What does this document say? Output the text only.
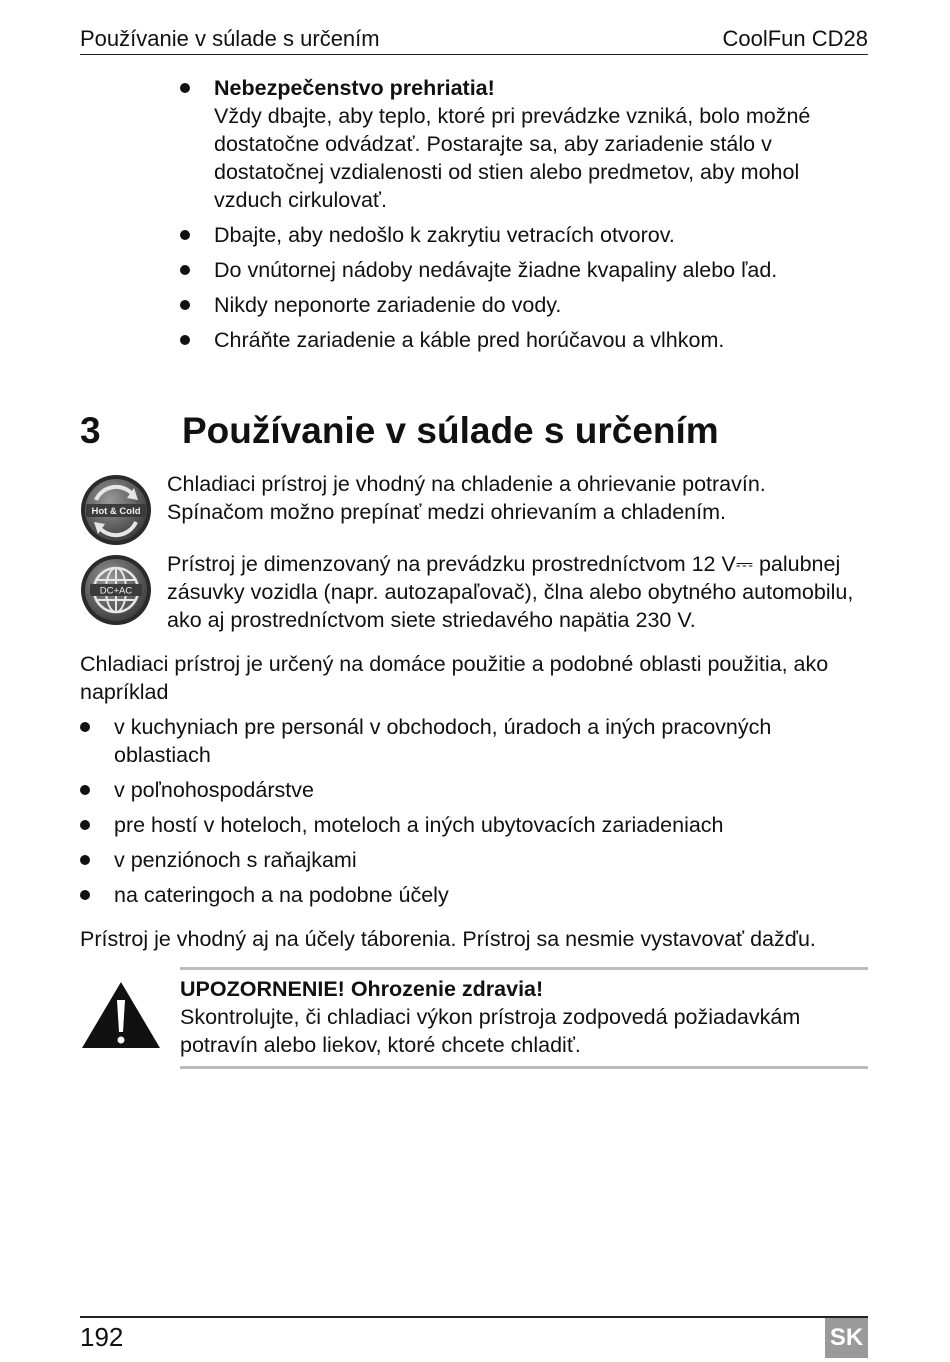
Používanie v súlade s určením	CoolFun CD28
Nebezpečenstvo prehriatia!
Vždy dbajte, aby teplo, ktoré pri prevádzke vzniká, bolo možné dostatočne odvádzať. Postarajte sa, aby zariadenie stálo v dostatočnej vzdialenosti od stien alebo predmetov, aby mohol vzduch cirkulovať.
Dbajte, aby nedošlo k zakrytiu vetracích otvorov.
Do vnútornej nádoby nedávajte žiadne kvapaliny alebo ľad.
Nikdy neponorte zariadenie do vody.
Chráňte zariadenie a káble pred horúčavou a vlhkom.
3 Používanie v súlade s určením
Hot & Cold

Chladiaci prístroj je vhodný na chladenie a ohrievanie potravín. Spínačom možno prepínať medzi ohrievaním a chladením.

DC+AC

Prístroj je dimenzovaný na prevádzku prostredníctvom 12 V⎓ palubnej zásuvky vozidla (napr. autozapaľovač), člna alebo obytného automobilu, ako aj prostredníctvom siete striedavého napätia 230 V.

Chladiaci prístroj je určený na domáce použitie a podobné oblasti použitia, ako napríklad

v kuchyniach pre personál v obchodoch, úradoch a iných pracovných oblastiach
v poľnohospodárstve
pre hostí v hoteloch, moteloch a iných ubytovacích zariadeniach
v penziónoch s raňajkami
na cateringoch a na podobne účely

Prístroj je vhodný aj na účely táborenia. Prístroj sa nesmie vystavovať dažďu.

UPOZORNENIE! Ohrozenie zdravia!
Skontrolujte, či chladiaci výkon prístroja zodpovedá požiadavkám potravín alebo liekov, ktoré chcete chladiť.
192	SK
